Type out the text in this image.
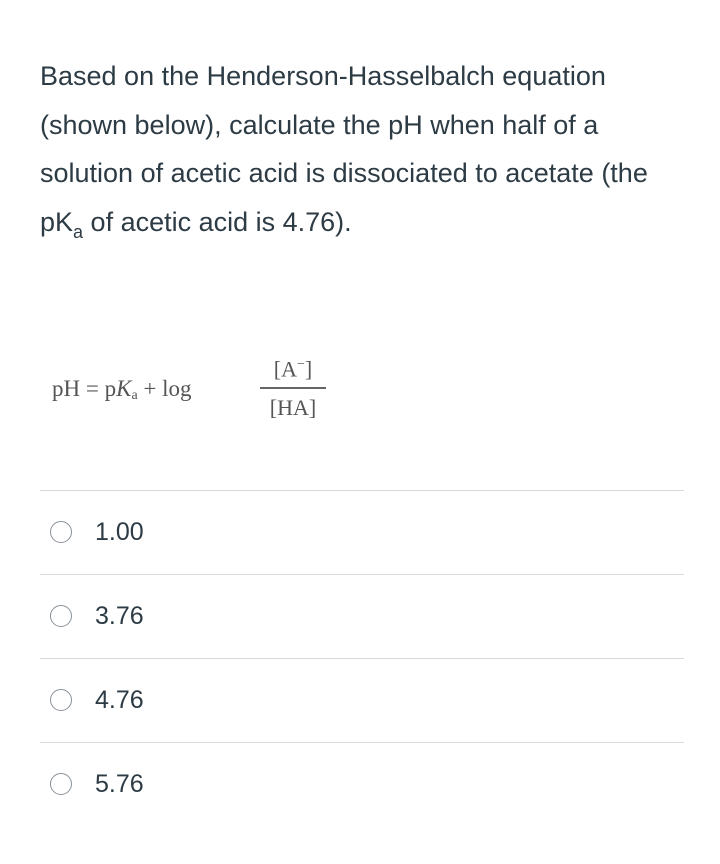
Based on the Henderson-Hasselbalch equation (shown below), calculate the pH when half of a solution of acetic acid is dissociated to acetate (the $pK_a$ of acetic acid is 4.76).
pH = pKa + log
[A−]
[HA]
1.00
3.76
4.76
5.76
